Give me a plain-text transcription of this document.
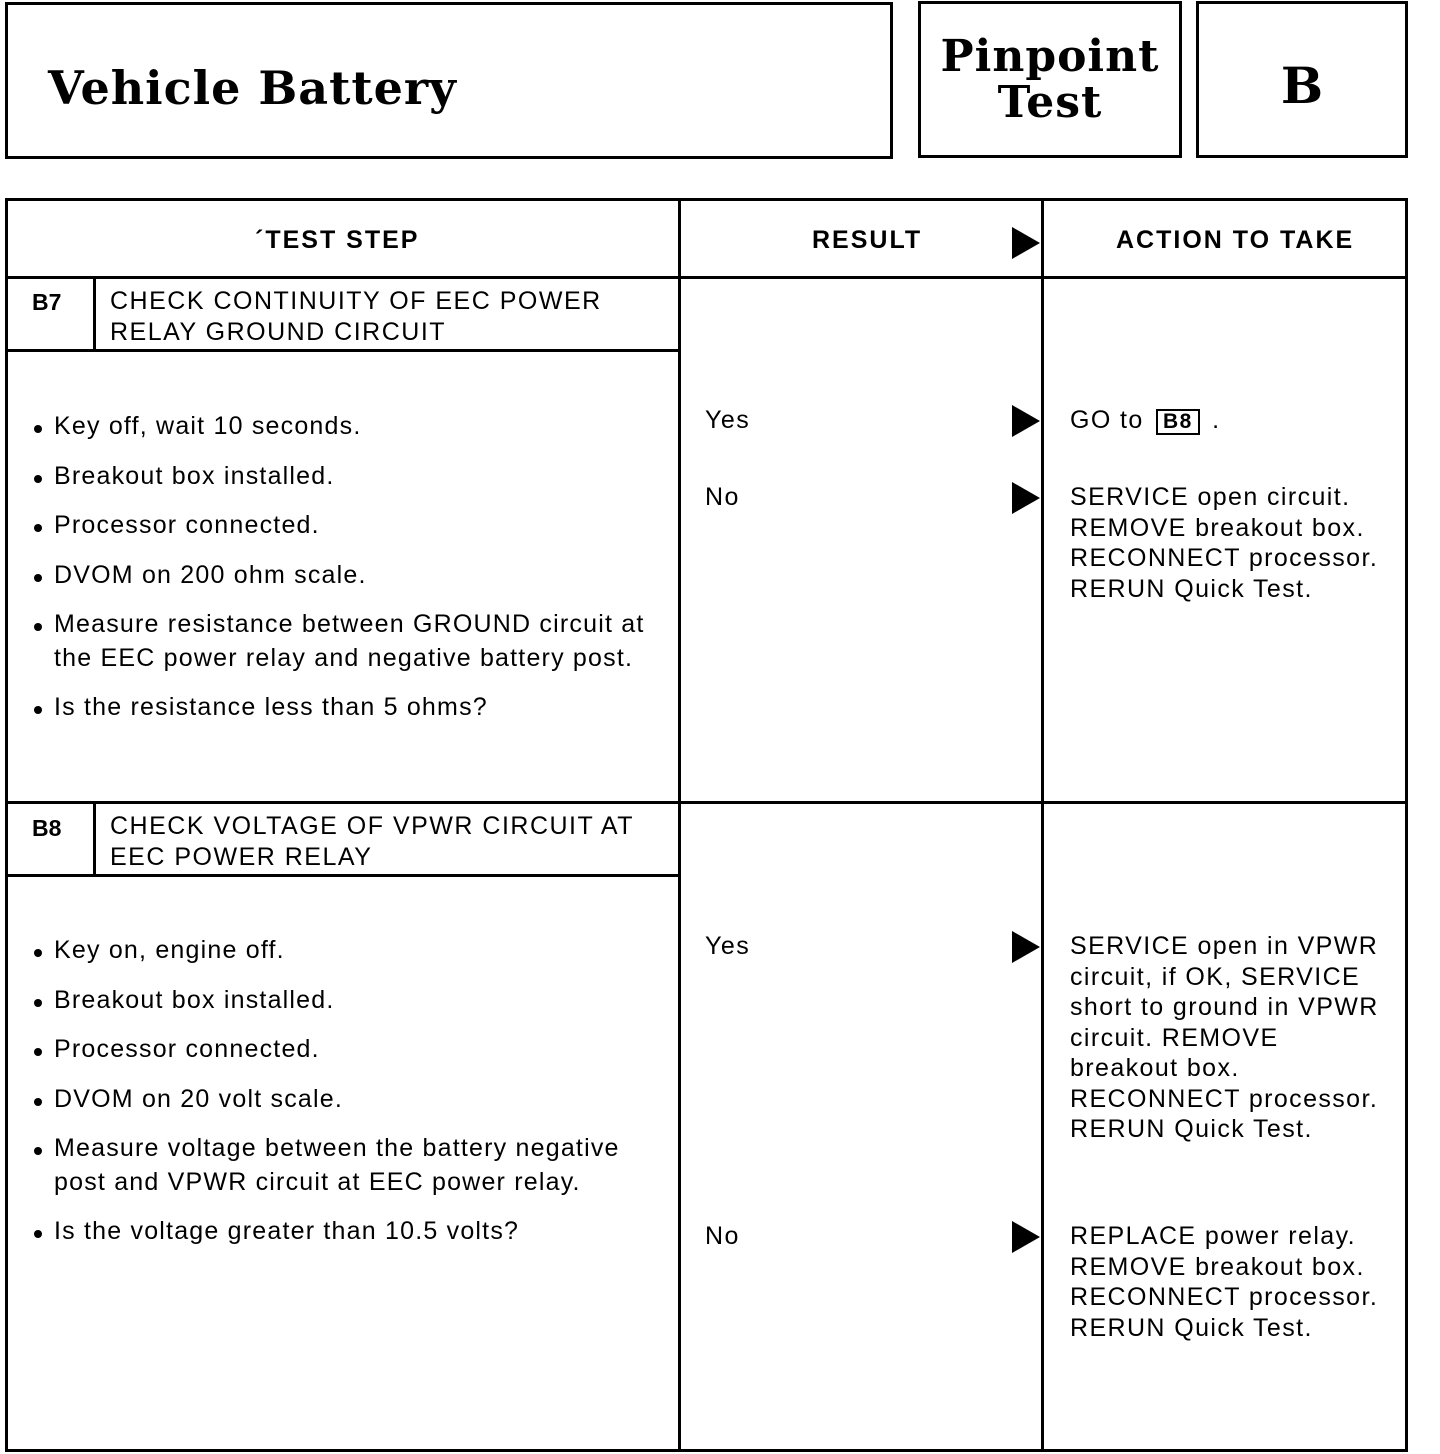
Vehicle Battery
Pinpoint
Test	B
´TEST STEP	RESULT	ACTION TO TAKE
B7 CHECK CONTINUITY OF EEC POWER RELAY GROUND CIRCUIT
Key off, wait 10 seconds.
Breakout box installed.
Processor connected.
DVOM on 200 ohm scale.
Measure resistance between GROUND circuit at the EEC power relay and negative battery post.
Is the resistance less than 5 ohms?
Yes	GO to B8 .
No	SERVICE open circuit. REMOVE breakout box. RECONNECT processor. RERUN Quick Test.
B8 CHECK VOLTAGE OF VPWR CIRCUIT AT EEC POWER RELAY
Key on, engine off.
Breakout box installed.
Processor connected.
DVOM on 20 volt scale.
Measure voltage between the battery negative post and VPWR circuit at EEC power relay.
Is the voltage greater than 10.5 volts?
Yes	SERVICE open in VPWR circuit, if OK, SERVICE short to ground in VPWR circuit. REMOVE breakout box. RECONNECT processor. RERUN Quick Test.
No	REPLACE power relay. REMOVE breakout box. RECONNECT processor. RERUN Quick Test.
